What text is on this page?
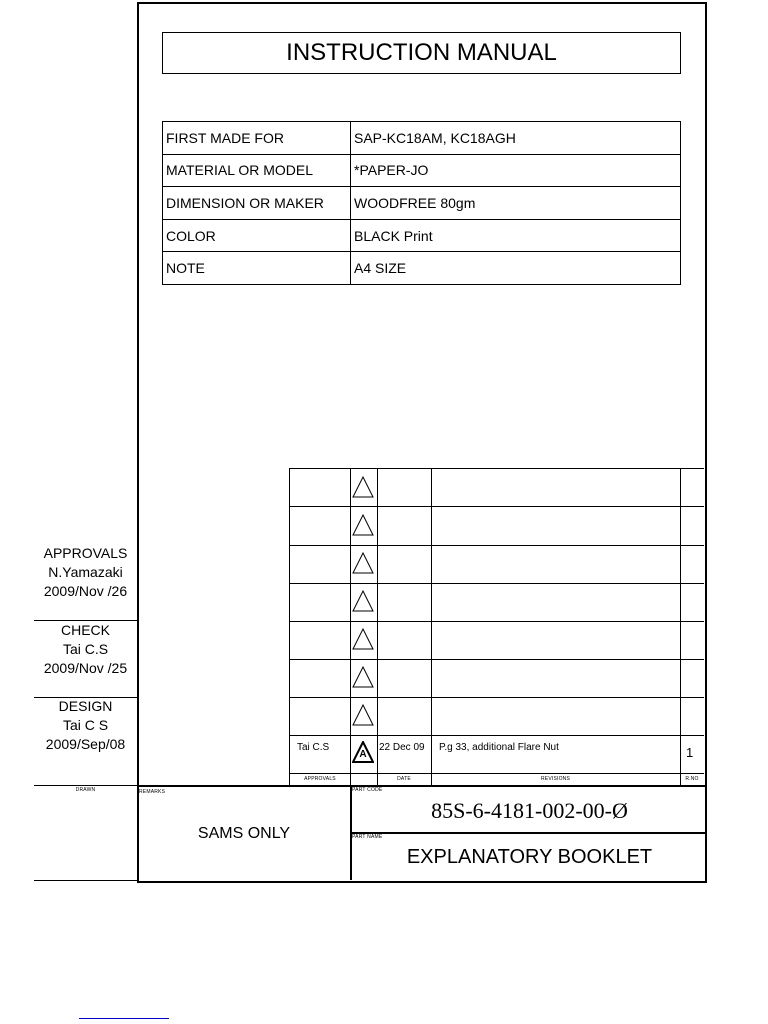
INSTRUCTION MANUAL
FIRST MADE FOR	SAP-KC18AM, KC18AGH
MATERIAL OR MODEL	*PAPER-JO
DIMENSION OR MAKER	WOODFREE 80gm
COLOR	BLACK Print
NOTE	A4 SIZE
A
Tai C.S	22 Dec 09 P.g 33, additional Flare Nut	1
APPROVALS	DATE	REVISIONS	R.NO
REMARKS
SAMS ONLY
PART CODE
85S-6-4181-002-00-Ø
PART NAME
EXPLANATORY BOOKLET
APPROVALS
N.Yamazaki
2009/Nov /26
CHECK
Tai C.S
2009/Nov /25
DESIGN
Tai C S
2009/Sep/08
DRAWN
